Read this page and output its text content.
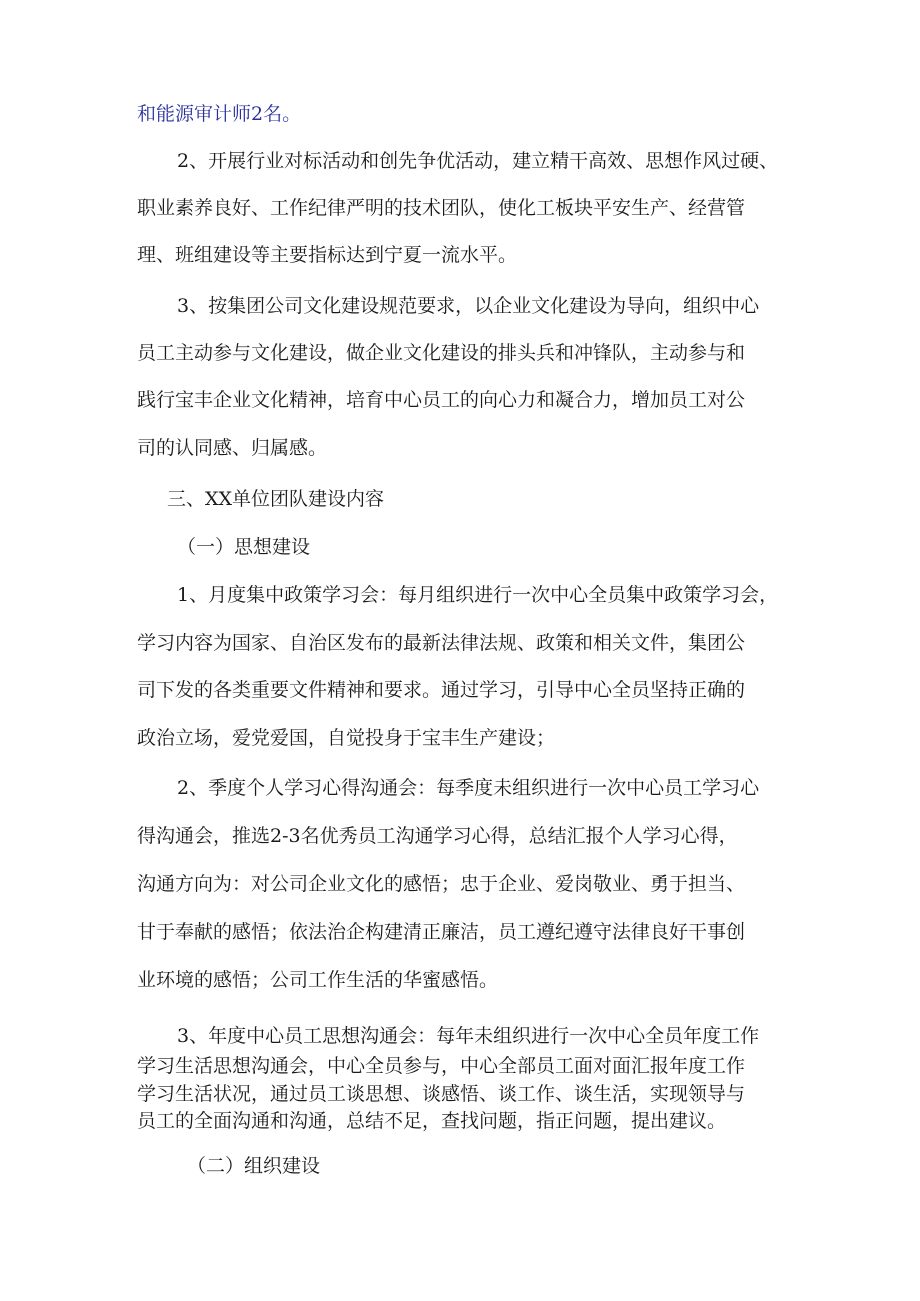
和能源审计师2名。

2、开展行业对标活动和创先争优活动，建立精干高效、思想作风过硬、

职业素养良好、工作纪律严明的技术团队，使化工板块平安生产、经营管

理、班组建设等主要指标达到宁夏一流水平。

3、按集团公司文化建设规范要求，以企业文化建设为导向，组织中心

员工主动参与文化建设，做企业文化建设的排头兵和冲锋队，主动参与和

践行宝丰企业文化精神，培育中心员工的向心力和凝合力，增加员工对公

司的认同感、归属感。

三、XX单位团队建设内容

（一）思想建设

1、月度集中政策学习会：每月组织进行一次中心全员集中政策学习会，

学习内容为国家、自治区发布的最新法律法规、政策和相关文件，集团公

司下发的各类重要文件精神和要求。通过学习，引导中心全员坚持正确的

政治立场，爱党爱国，自觉投身于宝丰生产建设；

2、季度个人学习心得沟通会：每季度未组织进行一次中心员工学习心

得沟通会，推选2-3名优秀员工沟通学习心得，总结汇报个人学习心得，

沟通方向为：对公司企业文化的感悟；忠于企业、爱岗敬业、勇于担当、

甘于奉献的感悟；依法治企构建清正廉洁，员工遵纪遵守法律良好干事创

业环境的感悟；公司工作生活的华蜜感悟。

3、年度中心员工思想沟通会：每年未组织进行一次中心全员年度工作

学习生活思想沟通会，中心全员参与，中心全部员工面对面汇报年度工作

学习生活状况，通过员工谈思想、谈感悟、谈工作、谈生活，实现领导与

员工的全面沟通和沟通，总结不足，查找问题，指正问题，提出建议。

（二）组织建设
